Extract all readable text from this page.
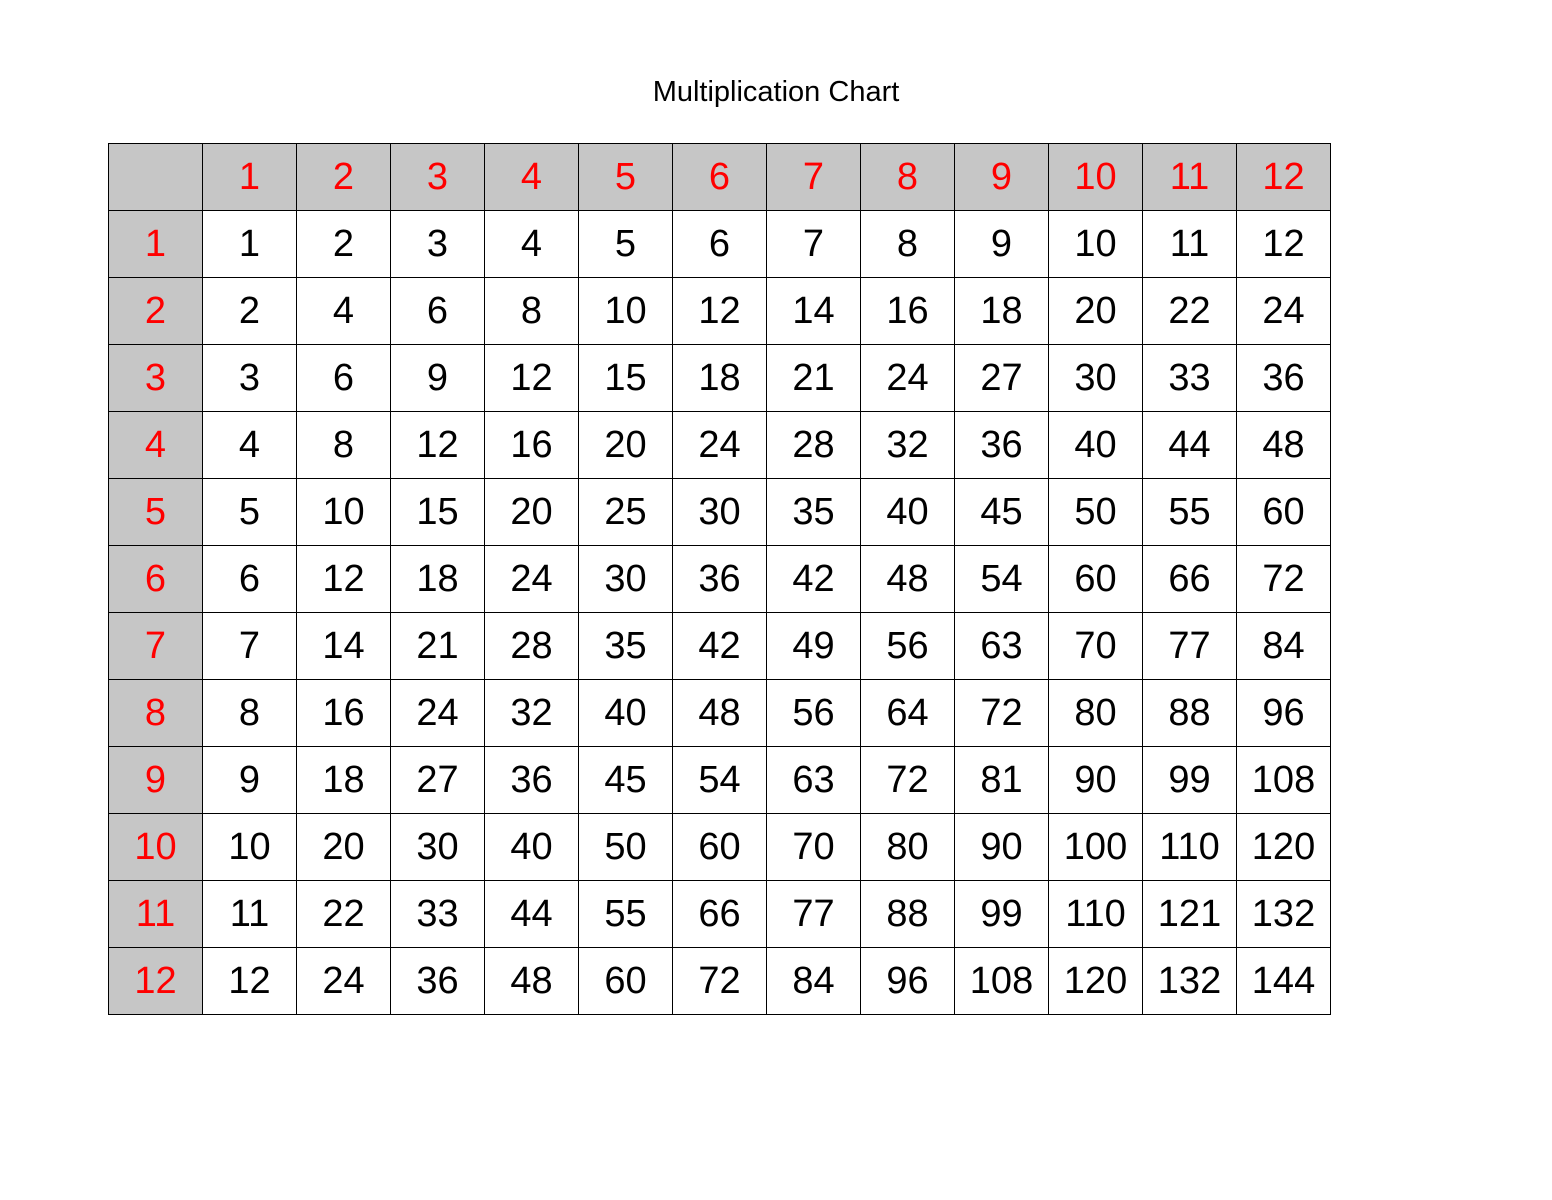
Multiplication Chart
	1	2	3	4	5	6	7	8	9	10	11	12
1	1	2	3	4	5	6	7	8	9	10	11	12
2	2	4	6	8	10	12	14	16	18	20	22	24
3	3	6	9	12	15	18	21	24	27	30	33	36
4	4	8	12	16	20	24	28	32	36	40	44	48
5	5	10	15	20	25	30	35	40	45	50	55	60
6	6	12	18	24	30	36	42	48	54	60	66	72
7	7	14	21	28	35	42	49	56	63	70	77	84
8	8	16	24	32	40	48	56	64	72	80	88	96
9	9	18	27	36	45	54	63	72	81	90	99	108
10	10	20	30	40	50	60	70	80	90	100	110	120
11	11	22	33	44	55	66	77	88	99	110	121	132
12	12	24	36	48	60	72	84	96	108	120	132	144
